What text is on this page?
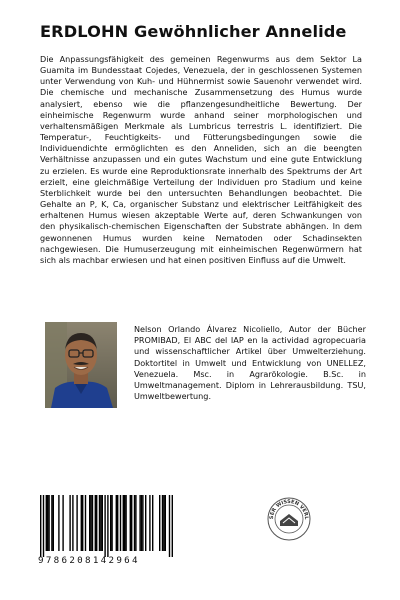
ERDLOHN Gewöhnlicher Annelide
Die Anpassungsfähigkeit des gemeinen Regenwurms aus dem Sektor La Guamita im Bundesstaat Cojedes, Venezuela, der in geschlossenen Systemen unter Verwendung von Kuh- und Hühnermist sowie Sauenohr verwendet wird. Die chemische und mechanische Zusammensetzung des Humus wurde analysiert, ebenso wie die pflanzengesundheitliche Bewertung. Der einheimische Regenwurm wurde anhand seiner morphologischen und verhaltensmäßigen Merkmale als Lumbricus terrestris L. identifiziert. Die Temperatur-, Feuchtigkeits- und Fütterungsbedingungen sowie die Individuendichte ermöglichten es den Anneliden, sich an die beengten Verhältnisse anzupassen und ein gutes Wachstum und eine gute Entwicklung zu erzielen. Es wurde eine Reproduktionsrate innerhalb des Spektrums der Art erzielt, eine gleichmäßige Verteilung der Individuen pro Stadium und keine Sterblichkeit wurde bei den untersuchten Behandlungen beobachtet. Die Gehalte an P, K, Ca, organischer Substanz und elektrischer Leitfähigkeit des erhaltenen Humus wiesen akzeptable Werte auf, deren Schwankungen von den physikalisch-chemischen Eigenschaften der Substrate abhängen. In dem gewonnenen Humus wurden keine Nematoden oder Schadinsekten nachgewiesen. Die Humuserzeugung mit einheimischen Regenwürmern hat sich als machbar erwiesen und hat einen positiven Einfluss auf die Umwelt.
Nelson Orlando Álvarez Nicoliello, Autor der Bücher PROMIBAD, El ABC del IAP en la actividad agropecuaria und wissenschaftlicher Artikel über Umwelterziehung. Doktortitel in Umwelt und Entwicklung von UNELLEZ, Venezuela. Msc. in Agrarökologie. B.Sc. in Umweltmanagement. Diplom in Lehrerausbildung. TSU, Umweltbewertung.
9786208142964
SER WISSEN VERL
